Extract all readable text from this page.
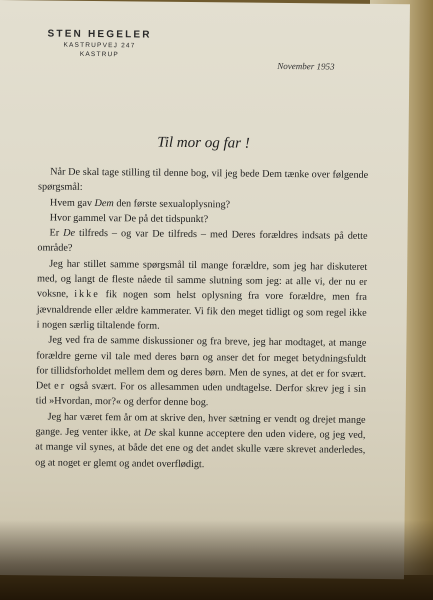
STEN HEGELER
KASTRUPVEJ 247
KASTRUP
November 1953
Til mor og far !

Når De skal tage stilling til denne bog, vil jeg bede Dem tænke over følgende spørgsmål:

Hvem gav Dem den første sexualoplysning?

Hvor gammel var De på det tidspunkt?

Er De tilfreds – og var De tilfreds – med Deres forældres indsats på dette område?

Jeg har stillet samme spørgsmål til mange forældre, som jeg har diskuteret med, og langt de fleste nåede til samme slutning som jeg: at alle vi, der nu er voksne, ikke fik nogen som helst oplysning fra vore forældre, men fra jævnaldrende eller ældre kammerater. Vi fik den meget tidligt og som regel ikke i nogen særlig tiltalende form.

Jeg ved fra de samme diskussioner og fra breve, jeg har modtaget, at mange forældre gerne vil tale med deres børn og anser det for meget betydningsfuldt for tillidsforholdet mellem dem og deres børn. Men de synes, at det er for svært. Det er også svært. For os allesammen uden undtagelse. Derfor skrev jeg i sin tid »Hvordan, mor?« og derfor denne bog.

Jeg har været fem år om at skrive den, hver sætning er vendt og drejet mange gange. Jeg venter ikke, at De skal kunne acceptere den uden videre, og jeg ved, at mange vil synes, at både det ene og det andet skulle være skrevet anderledes, og at noget er glemt og andet overflødigt.
